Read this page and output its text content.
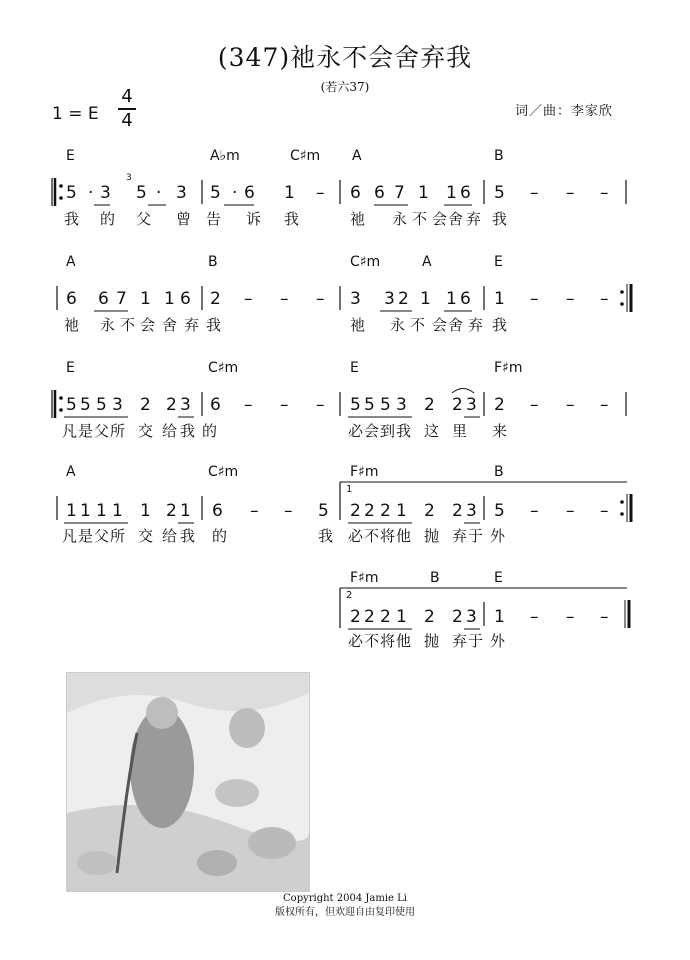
(347)祂永不会舍弃我
(若六37)
1 = E
4
4	词／曲：李家欣
E	A♭m	C♯m A	B
A	B	C♯m	A	E
E	C♯m	E	F♯m
A	C♯m	F♯m	B
F♯m	B	E
5 · 3 5 · 3 5 · 6 1 – 6 6 7 1 1 6 5 – – –
6 6 7 1 1 6 2 – – – 3 3 2 1 1 6 1 – – –
5 5 5 3 2 2 3 6 – – – 5 5 5 3 2 2 3 2 – – –
1 1 1 1 1 2 1 6 – – 5 2 2 2 1 2 2 3 5 – – –
2 2 2 1 2 2 3 1 – – –
1
2
3
我 的 父 曾 告 诉 我	祂 永 不 会 舍 弃 我
祂 永 不 会 舍 弃 我	祂 永 不 会 舍 弃 我
凡 是 父 所 交 给 我 的	必 会 到 我 这 里 来
凡 是 父 所 交 给 我 的	我 必 不 将 他 抛 弃 于 外
必 不 将 他 抛 弃 于 外
Copyright 2004 Jamie Li
版权所有，但欢迎自由复印使用
